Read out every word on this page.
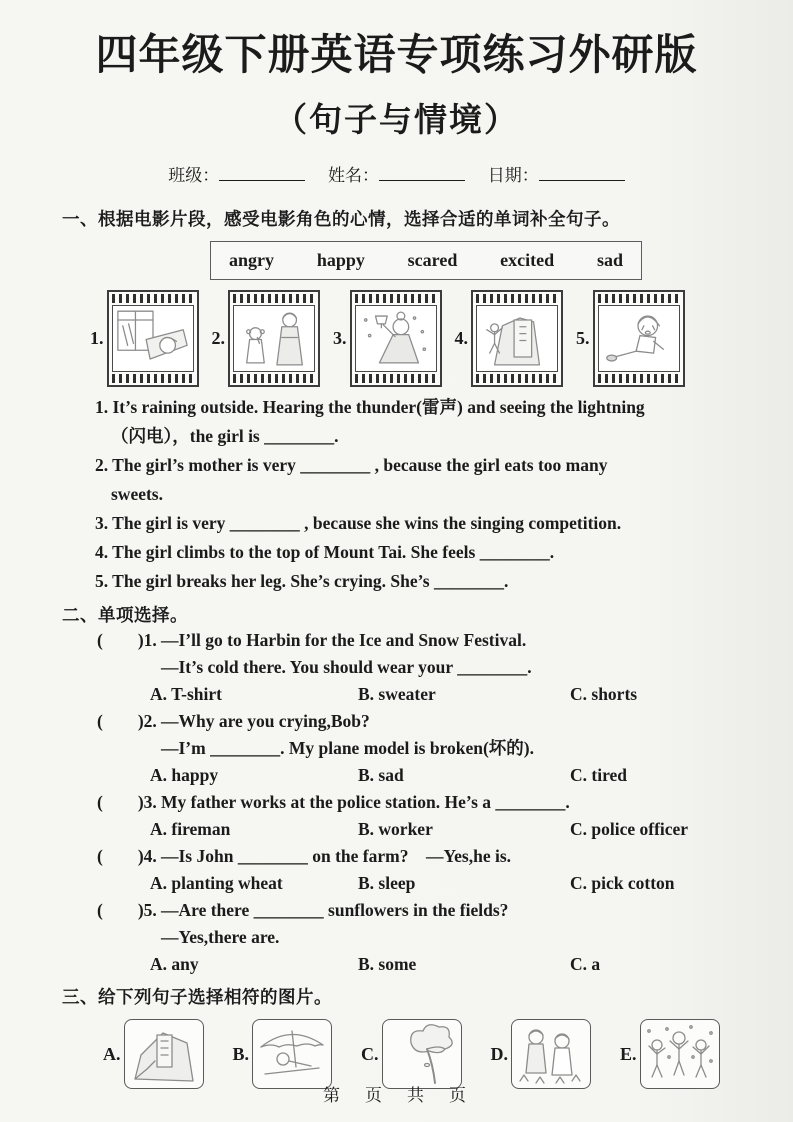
四年级下册英语专项练习外研版
（句子与情境）
班级：	姓名：	日期：
一、根据电影片段，感受电影角色的心情，选择合适的单词补全句子。
angry happy scared excited sad
1.	2.	3.	4.	5.
1. It’s raining outside. Hearing the thunder(雷声) and seeing the lightning
（闪电），the girl is ________.
2. The girl’s mother is very ________ , because the girl eats too many
sweets.
3. The girl is very ________ , because she wins the singing competition.
4. The girl climbs to the top of Mount Tai. She feels ________.
5. The girl breaks her leg. She’s crying. She’s ________.
二、单项选择。
(　　)1. —I’ll go to Harbin for the Ice and Snow Festival.
—It’s cold there. You should wear your ________.
A. T-shirt	B. sweater	C. shorts
(　　)2. —Why are you crying,Bob?
—I’m ________. My plane model is broken(坏的).
A. happy	B. sad	C. tired
(　　)3. My father works at the police station. He’s a ________.
A. fireman	B. worker	C. police officer
(　　)4. —Is John ________ on the farm?　—Yes,he is.
A. planting wheat	B. sleep	C. pick cotton
(　　)5. —Are there ________ sunflowers in the fields?
—Yes,there are.
A. any	B. some	C. a
三、给下列句子选择相符的图片。
A.	B.	C.	D.	E.
第　页　共　页
